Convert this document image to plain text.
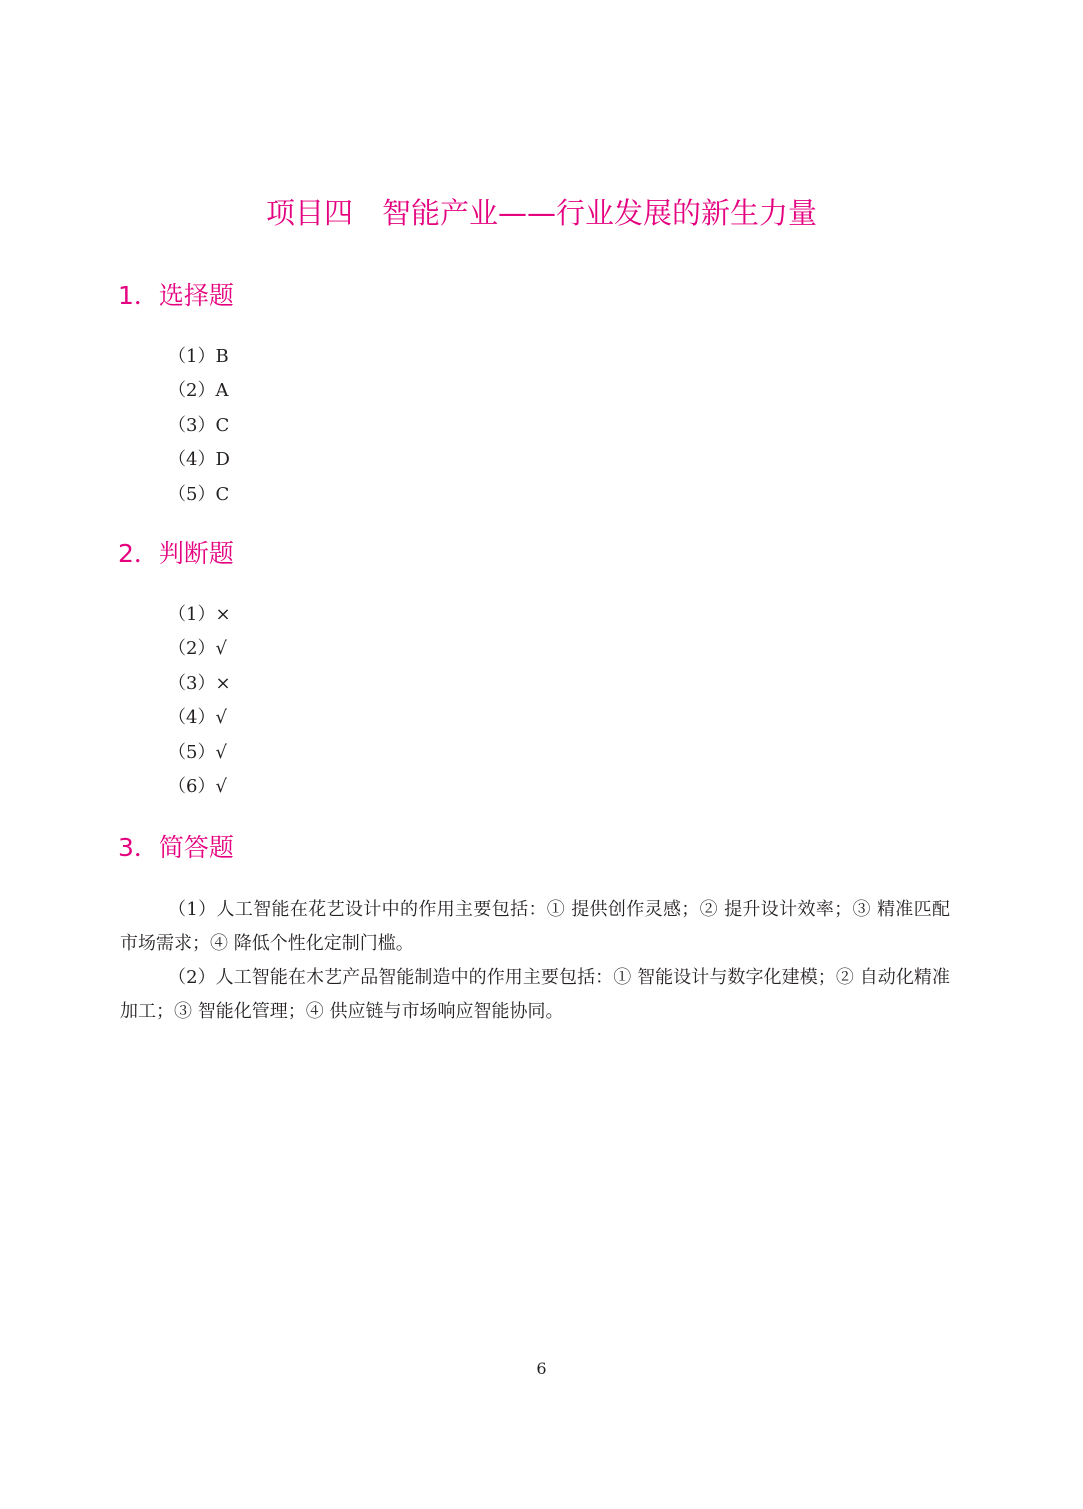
项目四　智能产业——行业发展的新生力量
1．选择题
（1）B
（2）A
（3）C
（4）D
（5）C
2．判断题
（1）×
（2）√
（3）×
（4）√
（5）√
（6）√
3．简答题

（1）人工智能在花艺设计中的作用主要包括：① 提供创作灵感；② 提升设计效率；③ 精准匹配市场需求；④ 降低个性化定制门槛。

（2）人工智能在木艺产品智能制造中的作用主要包括：① 智能设计与数字化建模；② 自动化精准加工；③ 智能化管理；④ 供应链与市场响应智能协同。

6
